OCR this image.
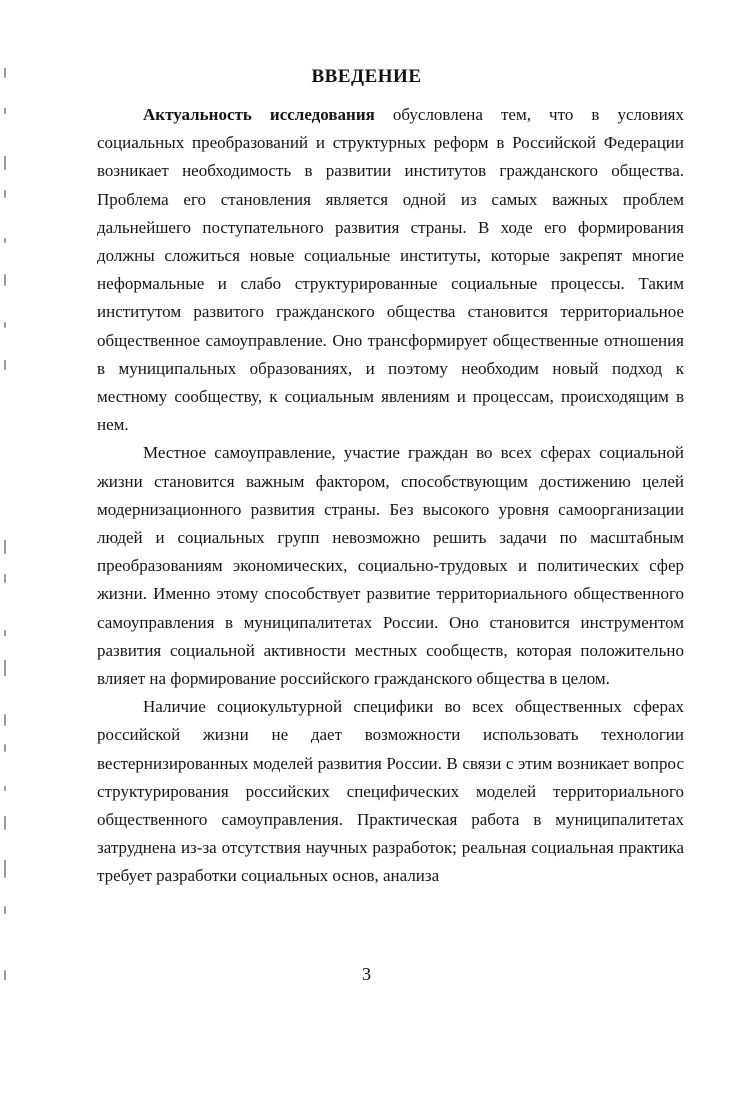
ВВЕДЕНИЕ

Актуальность исследования обусловлена тем, что в условиях социальных преобразований и структурных реформ в Российской Федерации возникает необходимость в развитии институтов гражданского общества. Проблема его становления является одной из самых важных проблем дальнейшего поступательного развития страны. В ходе его формирования должны сложиться новые социальные институты, которые закрепят многие неформальные и слабо структурированные социальные процессы. Таким институтом развитого гражданского общества становится территориальное общественное самоуправление. Оно трансформирует общественные отношения в муниципальных образованиях, и поэтому необходим новый подход к местному сообществу, к социальным явлениям и процессам, происходящим в нем.

Местное самоуправление, участие граждан во всех сферах социальной жизни становится важным фактором, способствующим достижению целей модернизационного развития страны. Без высокого уровня самоорганизации людей и социальных групп невозможно решить задачи по масштабным преобразованиям экономических, социально-трудовых и политических сфер жизни. Именно этому способствует развитие территориального общественного самоуправления в муниципалитетах России. Оно становится инструментом развития социальной активности местных сообществ, которая положительно влияет на формирование российского гражданского общества в целом.

Наличие социокультурной специфики во всех общественных сферах российской жизни не дает возможности использовать технологии вестернизированных моделей развития России. В связи с этим возникает вопрос структурирования российских специфических моделей территориального общественного самоуправления. Практическая работа в муниципалитетах затруднена из-за отсутствия научных разработок; реальная социальная практика требует разработки социальных основ, анализа

3
